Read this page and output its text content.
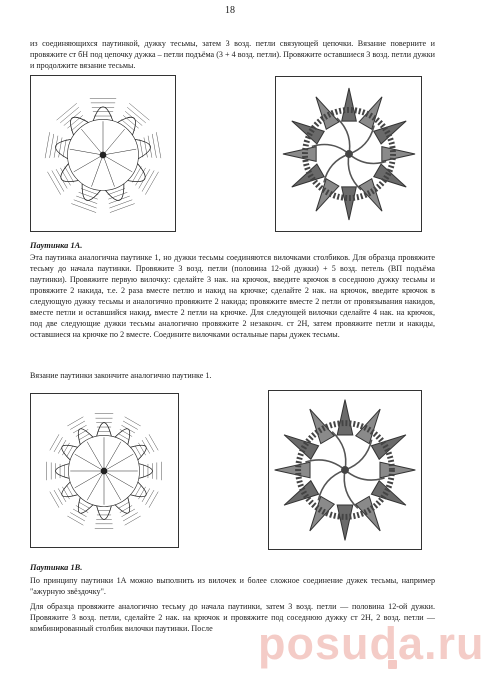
18

из соединяющихся паутинкой, дужку тесьмы, затем 3 возд. петли связующей цепочки. Вязание поверните и провяжите ст бН под цепочку дужка – петли подъёма (3 + 4 возд. петли). Провяжите оставшиеся 3 возд. петли дужки и продолжите вязание тесьмы.

Паутинка 1А.

Эта паутинка аналогична паутинке 1, но дужки тесьмы соединяются вилочками столбиков. Для образца провяжите тесьму до начала паутинки. Провяжите 3 возд. петли (половина 12-ой дужки) + 5 возд. петель (ВП подъёма паутинки). Провяжите первую вилочку: сделайте 3 нак. на крючок, введите крючок в соседнюю дужку тесьмы и провяжите 2 накида, т.е. 2 раза вместе петлю и накид на крючке; сделайте 2 нак. на крючок, введите крючок в следующую дужку тесьмы и аналогично провяжите 2 накида; провяжите вместе 2 петли от провязывания накидов, вместе петли и оставшийся накид, вместе 2 петли на крючке. Для следующей вилочки сделайте 4 нак. на крючок, под две следующие дужки тесьмы аналогично провяжите 2 незаконч. ст 2Н, затем провяжите петли и накиды, оставшиеся на крючке по 2 вместе. Соедините вилочками остальные пары дужек тесьмы.

Вязание паутинки закончите аналогично паутинке 1.

Паутинка 1В.

По принципу паутинки 1А можно выполнить из вилочек и более сложное соединение дужек тесьмы, например "ажурную звёздочку".

Для образца провяжите аналогично тесьму до начала паутинки, затем 3 возд. петли — половина 12-ой дужки. Провяжите 3 возд. петли, сделайте 2 нак. на крючок и провяжите под соседнюю дужку ст 2Н, 2 возд. петли — комбинированный столбик вилочки паутинки. После	posuda.ru
